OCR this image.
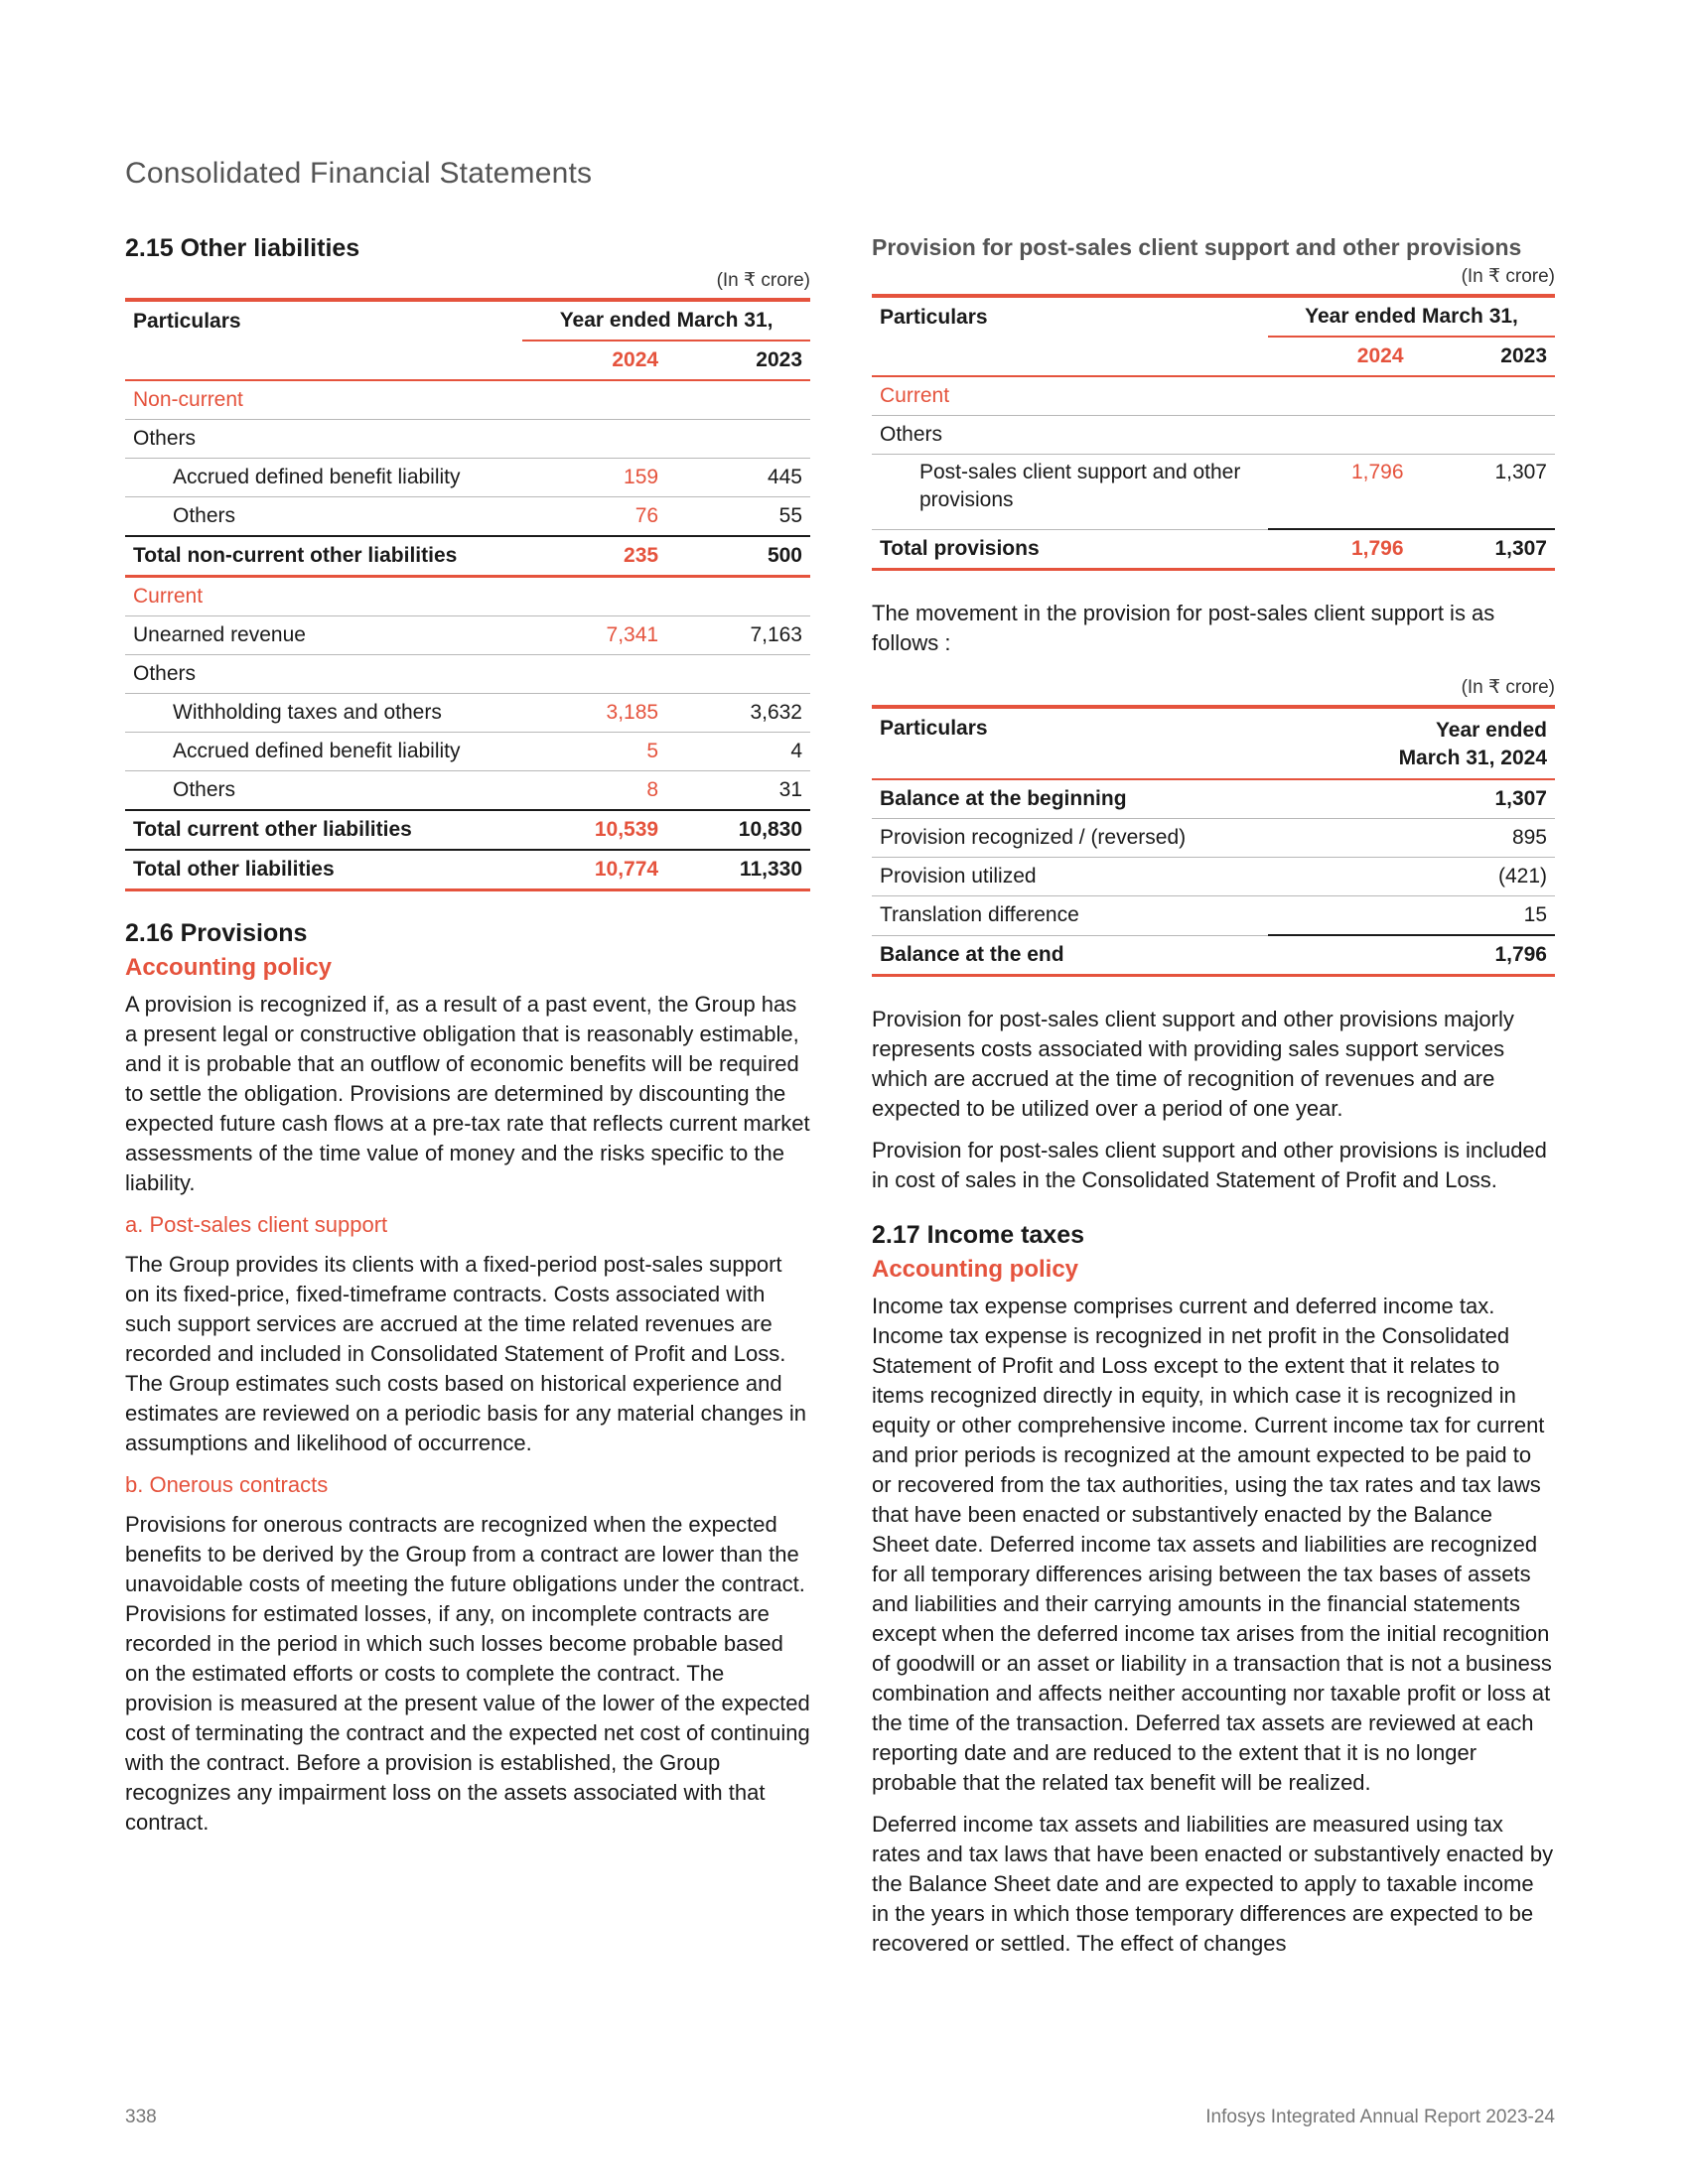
Consolidated Financial Statements
2.15 Other liabilities
(In ₹ crore)
Particulars	Year ended March 31,	
	2024	2023
Non-current		
Others		
Accrued defined benefit liability	159	445
Others	76	55
Total non-current other liabilities	235	500
Current		
Unearned revenue	7,341	7,163
Others		
Withholding taxes and others	3,185	3,632
Accrued defined benefit liability	5	4
Others	8	31
Total current other liabilities	10,539	10,830
Total other liabilities	10,774	11,330
2.16 Provisions
Accounting policy

A provision is recognized if, as a result of a past event, the Group has a present legal or constructive obligation that is reasonably estimable, and it is probable that an outflow of economic benefits will be required to settle the obligation. Provisions are determined by discounting the expected future cash flows at a pre-tax rate that reflects current market assessments of the time value of money and the risks specific to the liability.

a. Post-sales client support

The Group provides its clients with a fixed-period post-sales support on its fixed-price, fixed-timeframe contracts. Costs associated with such support services are accrued at the time related revenues are recorded and included in Consolidated Statement of Profit and Loss. The Group estimates such costs based on historical experience and estimates are reviewed on a periodic basis for any material changes in assumptions and likelihood of occurrence.

b. Onerous contracts

Provisions for onerous contracts are recognized when the expected benefits to be derived by the Group from a contract are lower than the unavoidable costs of meeting the future obligations under the contract. Provisions for estimated losses, if any, on incomplete contracts are recorded in the period in which such losses become probable based on the estimated efforts or costs to complete the contract. The provision is measured at the present value of the lower of the expected cost of terminating the contract and the expected net cost of continuing with the contract. Before a provision is established, the Group recognizes any impairment loss on the assets associated with that contract.

Provision for post-sales client support and other provisions
(In ₹ crore)
Particulars	Year ended March 31,	
	2024	2023
Current		
Others		
Post-sales client support and other provisions	1,796	1,307
Total provisions	1,796	1,307

The movement in the provision for post-sales client support is as follows :

(In ₹ crore)
Particulars	Year ended
March 31, 2024

Balance at the beginning	1,307
Provision recognized / (reversed)	895
Provision utilized	(421)
Translation difference	15
Balance at the end	1,796

Provision for post-sales client support and other provisions majorly represents costs associated with providing sales support services which are accrued at the time of recognition of revenues and are expected to be utilized over a period of one year.

Provision for post-sales client support and other provisions is included in cost of sales in the Consolidated Statement of Profit and Loss.

2.17 Income taxes
Accounting policy

Income tax expense comprises current and deferred income tax. Income tax expense is recognized in net profit in the Consolidated Statement of Profit and Loss except to the extent that it relates to items recognized directly in equity, in which case it is recognized in equity or other comprehensive income. Current income tax for current and prior periods is recognized at the amount expected to be paid to or recovered from the tax authorities, using the tax rates and tax laws that have been enacted or substantively enacted by the Balance Sheet date. Deferred income tax assets and liabilities are recognized for all temporary differences arising between the tax bases of assets and liabilities and their carrying amounts in the financial statements except when the deferred income tax arises from the initial recognition of goodwill or an asset or liability in a transaction that is not a business combination and affects neither accounting nor taxable profit or loss at the time of the transaction. Deferred tax assets are reviewed at each reporting date and are reduced to the extent that it is no longer probable that the related tax benefit will be realized.

Deferred income tax assets and liabilities are measured using tax rates and tax laws that have been enacted or substantively enacted by the Balance Sheet date and are expected to apply to taxable income in the years in which those temporary differences are expected to be recovered or settled. The effect of changes

338	Infosys Integrated Annual Report 2023-24
